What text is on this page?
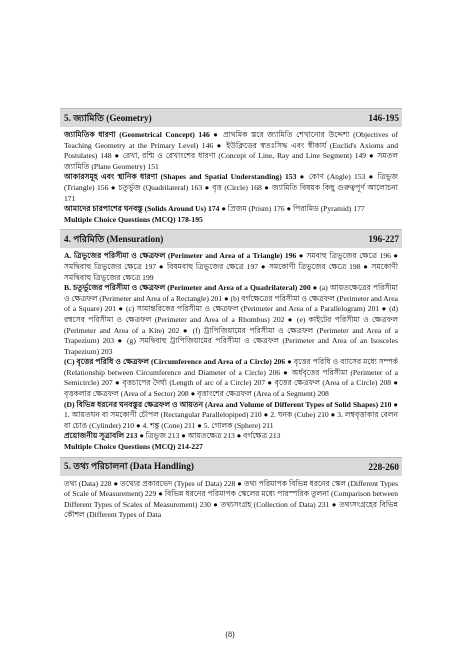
5. জ্যামিতি (Geometry)	146-195

জ্যামিতিক ধারণা (Geometrical Concept) 146 ● প্রাথমিক স্তরে জ্যামিতি শেখানোর উদ্দেশ্য (Objectives of Teaching Geometry at the Primary Level) 146 ● ইউক্লিডের স্বতঃসিদ্ধ এবং স্বীকার্য (Euclid's Axioms and Postulates) 148 ● রেখা, রশ্মি ও রেখাংশের ধারণা (Concept of Line, Ray and Line Segment) 149 ● সমতল জ্যামিতি (Plane Geometry) 151

আকারসমূহ এবং স্থানিক ধারণা (Shapes and Spatial Understanding) 153 ● কোণ (Angle) 153 ● ত্রিভুজ (Triangle) 156 ● চতুর্ভুজ (Quadrilateral) 163 ● বৃত্ত (Circle) 168 ● জ্যামিতি বিষয়ক কিছু গুরুত্বপূর্ণ আলোচনা 171

আমাদের চারপাশের ঘনবস্তু (Solids Around Us) 174 ● প্রিজম (Prism) 176 ● পিরামিড (Pyramid) 177

Multiple Choice Questions (MCQ) 178-195

4. পরিমিতি (Mensuration)	196-227

A. ত্রিভুজের পরিসীমা ও ক্ষেত্রফল (Perimeter and Area of a Triangle) 196 ● সমবাহু ত্রিভুজের ক্ষেত্রে 196 ● সমদ্বিবাহু ত্রিভুজের ক্ষেত্রে 197 ● বিষমবাহু ত্রিভুজের ক্ষেত্রে 197 ● সমকোণী ত্রিভুজের ক্ষেত্রে 198 ● সমকোণী সমদ্বিবাহু ত্রিভুজের ক্ষেত্রে 199

B. চতুর্ভুজের পরিসীমা ও ক্ষেত্রফল (Perimeter and Area of a Quadrilateral) 200 ● (a) আয়তক্ষেত্রের পরিসীমা ও ক্ষেত্রফল (Perimeter and Area of a Rectangle) 201 ● (b) বর্গক্ষেত্রের পরিসীমা ও ক্ষেত্রফল (Perimeter and Area of a Square) 201 ● (c) সামান্তরিকের পরিসীমা ও ক্ষেত্রফল (Perimeter and Area of a Parallelogram) 201 ● (d) রম্বসের পরিসীমা ও ক্ষেত্রফল (Perimeter and Area of a Rhombus) 202 ● (e) কাইটের পরিসীমা ও ক্ষেত্রফল (Perimeter and Area of a Kite) 202 ● (f) ট্রাপিজিয়ামের পরিসীমা ও ক্ষেত্রফল (Perimeter and Area of a Trapezium) 203 ● (g) সমদ্বিবাহু ট্রাপিজিয়ামের পরিসীমা ও ক্ষেত্রফল (Perimeter and Area of an Isosceles Trapezium) 203

(C) বৃত্তের পরিধি ও ক্ষেত্রফল (Circumference and Area of a Circle) 206 ● বৃত্তের পরিধি ও ব্যাসের মধ্যে সম্পর্ক (Relationship between Circumference and Diameter of a Circle) 206 ● অর্ধবৃত্তের পরিসীমা (Perimeter of a Semicircle) 207 ● বৃত্তচাপের দৈর্ঘ্য (Length of arc of a Circle) 207 ● বৃত্তের ক্ষেত্রফল (Area of a Circle) 208 ● বৃত্তকলার ক্ষেত্রফল (Area of a Sector) 208 ● বৃত্তাংশের ক্ষেত্রফল (Area of a Segment) 208

(D) বিভিন্ন ধরনের ঘনবস্তুর ক্ষেত্রফল ও আয়তন (Area and Volume of Different Types of Solid Shapes) 210 ● 1. আয়তঘন বা সমকোণী চৌপল (Rectangular Parallelopiped) 210 ● 2. ঘনক (Cube) 210 ● 3. লম্ববৃত্তাকার বেলন বা চোঙ (Cylinder) 210 ● 4. শঙ্কু (Cone) 211 ● 5. গোলক (Sphere) 211

প্রয়োজনীয় সূত্রাবলি 213 ● ত্রিভুজ 213 ● আয়তক্ষেত্র 213 ● বর্গক্ষেত্র 213

Multiple Choice Questions (MCQ) 214-227

5. তথ্য পরিচালনা (Data Handling)	228-260

তথ্য (Data) 228 ● তথ্যের প্রকারভেদ (Types of Data) 228 ● তথ্য পরিমাপক বিভিন্ন ধরনের স্কেল (Different Types of Scale of Measurement) 229 ● বিভিন্ন ধরনের পরিমাপক স্কেলের মধ্যে পারস্পরিক তুলনা (Comparison between Different Types of Scales of Measurement) 230 ● তথ্যসংগ্রহ (Collection of Data) 231 ● তথ্যসংগ্রহের বিভিন্ন কৌশল (Different Types of Data

(8)
